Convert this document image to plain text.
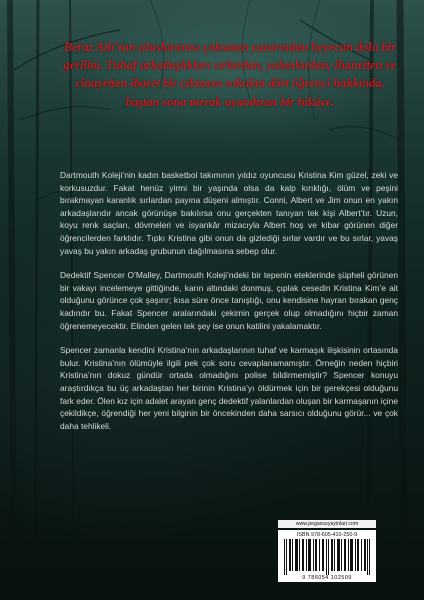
Beraz Atlı’nın uluslararası çoksatan yazarından heyecan dolu bir gerilim. Tuhaf arkadaşlıkları sırlardan, yalanlardan, ihanetten ve cinayetten ibaret bir çıkmaza sokulan dört öğrenci hakkında, baştan sona merak uyandıran bir hikâye.

Dartmouth Koleji’nin kadın basketbol takımının yıldız oyuncusu Kristina Kim güzel, zeki ve korkusuzdur. Fakat henüz yirmi bir yaşında olsa da kalp kırıklığı, ölüm ve peşini bırakmayan karanlık sırlardan payına düşeni almıştır. Conni, Albert ve Jim onun en yakın arkadaşlarıdır ancak görünüşe bakılırsa onu gerçekten tanıyan tek kişi Albert’tır. Uzun, koyu renk saçları, dövmeleri ve isyankâr mizacıyla Albert hoş ve kibar görünen diğer öğrencilerden farklıdır. Tıpkı Kristina gibi onun da gizlediği sırlar vardır ve bu sırlar, yavaş yavaş bu yakın arkadaş grubunun dağılmasına sebep olur.

Dedektif Spencer O’Malley, Dartmouth Koleji’ndeki bir tepenin eteklerinde şüpheli görünen bir vakayı incelemeye gittiğinde, karın altındaki donmuş, çıplak cesedin Kristina Kim’e ait olduğunu görünce çok şaşırır; kısa süre önce tanıştığı, onu kendisine hayran bırakan genç kadındır bu. Fakat Spencer aralarındaki çekimin gerçek olup olmadığını hiçbir zaman öğrenemeyecektir. Elinden gelen tek şey ise onun katilini yakalamaktır.

Spencer zamanla kendini Kristina’nın arkadaşlarının tuhaf ve karmaşık ilişkisinin ortasında bulur. Kristina’nın ölümüyle ilgili pek çok soru cevaplanamamıştır. Örneğin neden hiçbiri Kristina’nın dokuz gündür ortada olmadığını polise bildirmemiştir? Spencer konuyu araştırdıkça bu üç arkadaştan her birinin Kristina’yı öldürmek için bir gerekçesi olduğunu fark eder. Ölen kız için adalet arayan genç dedektif yalanlardan oluşan bir karmaşanın içine çekildikçe, öğrendiği her yeni bilginin bir öncekinden daha sarsıcı olduğunu görür... ve çok daha tehlikeli.

www.pegasusyayinlari.com
ISBN 978-605-410-250-9
9 786054 102509
